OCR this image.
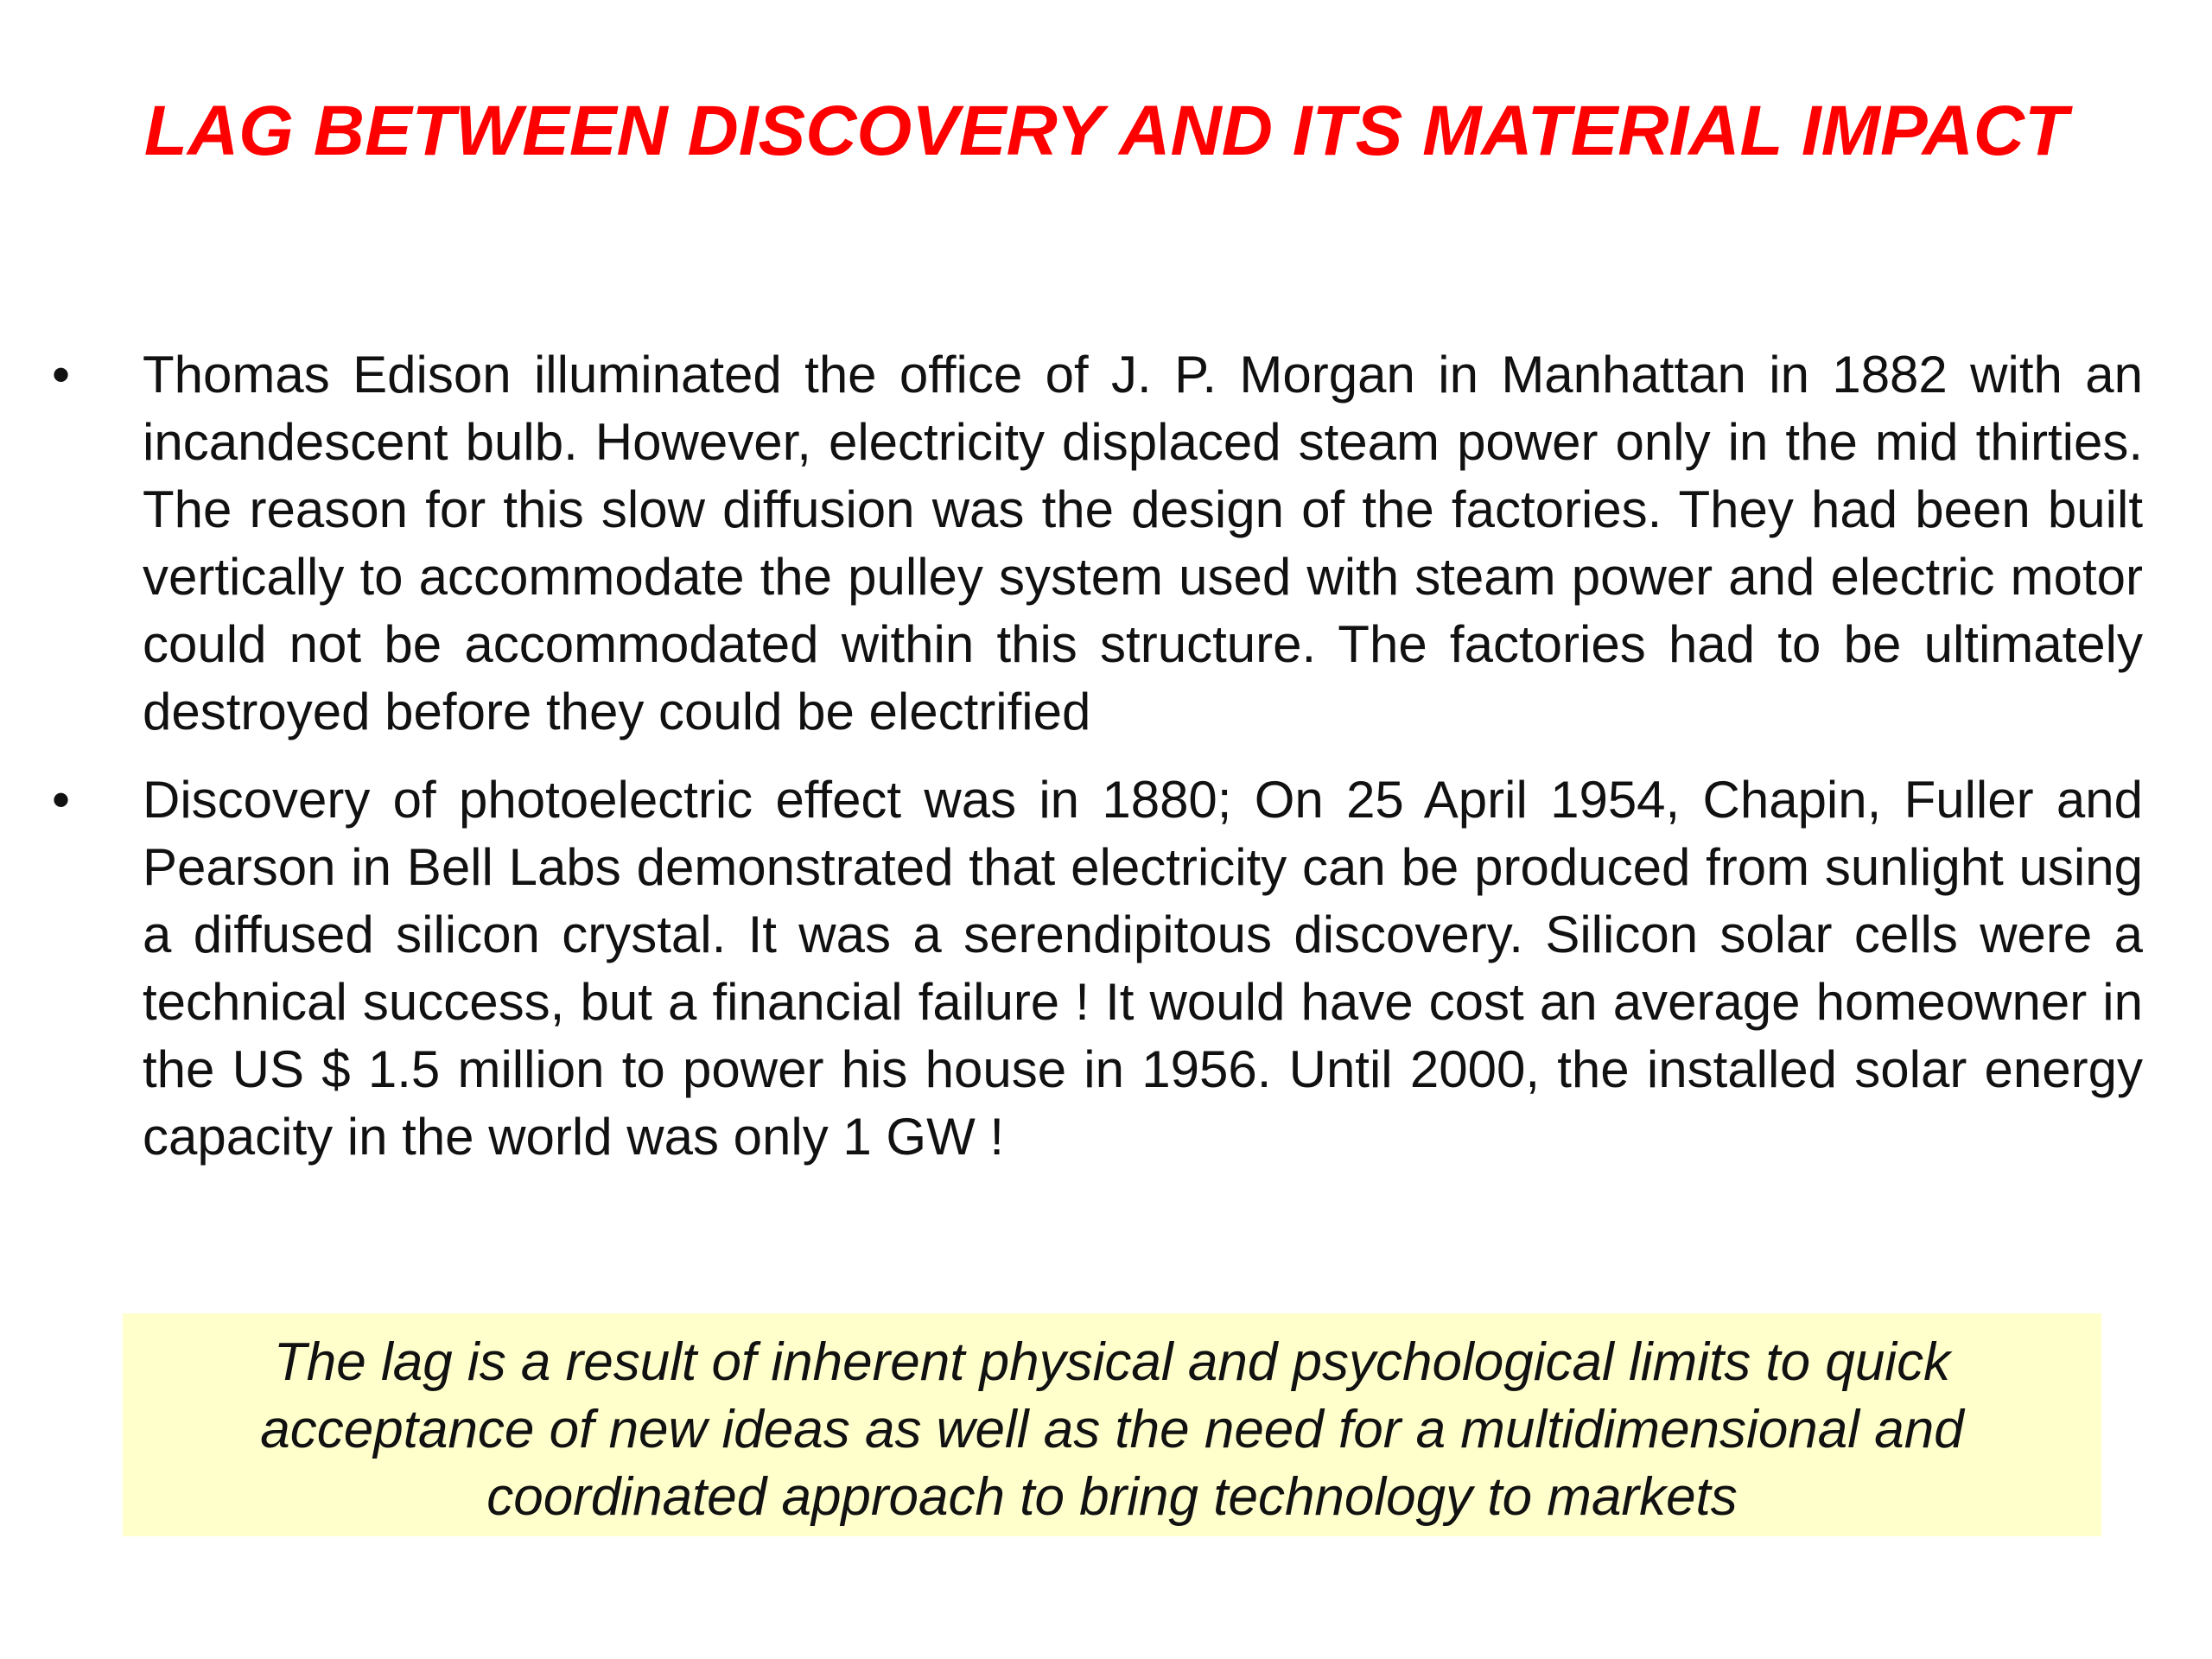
LAG BETWEEN DISCOVERY AND ITS MATERIAL IMPACT
•	Thomas Edison illuminated the office of J. P. Morgan in Manhattan in 1882 with an incandescent bulb. However, electricity displaced steam power only in the mid thirties. The reason for this slow diffusion was the design of the factories. They had been built vertically to accommodate the pulley system used with steam power and electric motor could not be accommodated within this structure. The factories had to be ultimately destroyed before they could be electrified
•	Discovery of photoelectric effect was in 1880; On 25 April 1954, Chapin, Fuller and Pearson in Bell Labs demonstrated that electricity can be produced from sunlight using a diffused silicon crystal. It was a serendipitous discovery. Silicon solar cells were a technical success, but a financial failure ! It would have cost an average homeowner in the US $ 1.5 million to power his house in 1956. Until 2000, the installed solar energy capacity in the world was only 1 GW !
The lag is a result of inherent physical and psychological limits to quick acceptance of new ideas as well as the need for a multidimensional and coordinated approach to bring technology to markets
